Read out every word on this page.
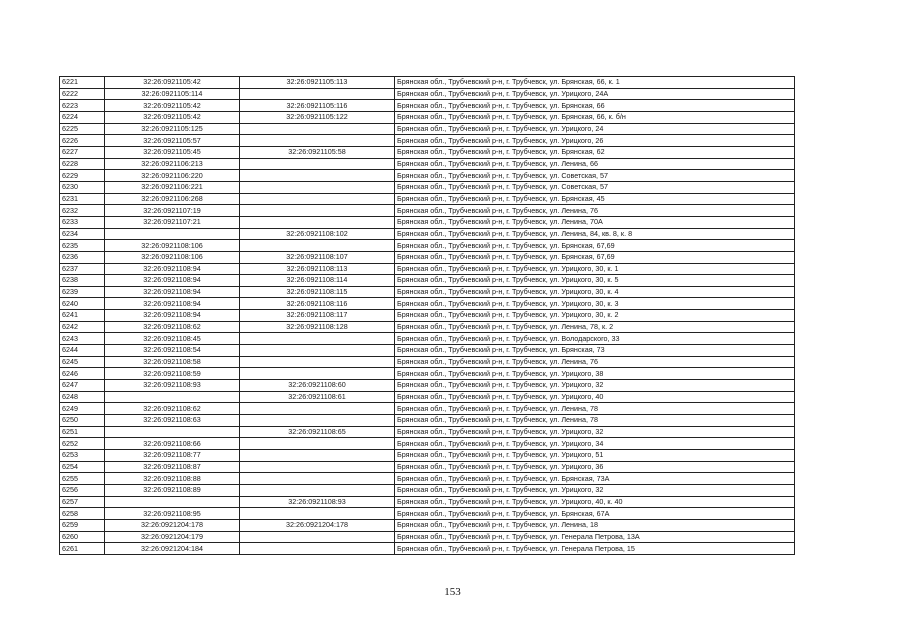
6221	32:26:0921105:42	32:26:0921105:113	Брянская обл., Трубчевский р-н, г. Трубчевск, ул. Брянская, 66, к. 1
6222	32:26:0921105:114		Брянская обл., Трубчевский р-н, г. Трубчевск, ул. Урицкого, 24А
6223	32:26:0921105:42	32:26:0921105:116	Брянская обл., Трубчевский р-н, г. Трубчевск, ул. Брянская, 66
6224	32:26:0921105:42	32:26:0921105:122	Брянская обл., Трубчевский р-н, г. Трубчевск, ул. Брянская, 66, к. б/н
6225	32:26:0921105:125		Брянская обл., Трубчевский р-н, г. Трубчевск, ул. Урицкого, 24
6226	32:26:0921105:57		Брянская обл., Трубчевский р-н, г. Трубчевск, ул. Урицкого, 26
6227	32:26:0921105:45	32:26:0921105:58	Брянская обл., Трубчевский р-н, г. Трубчевск, ул. Брянская, 62
6228	32:26:0921106:213		Брянская обл., Трубчевский р-н, г. Трубчевск, ул. Ленина, 66
6229	32:26:0921106:220		Брянская обл., Трубчевский р-н, г. Трубчевск, ул. Советская, 57
6230	32:26:0921106:221		Брянская обл., Трубчевский р-н, г. Трубчевск, ул. Советская, 57
6231	32:26:0921106:268		Брянская обл., Трубчевский р-н, г. Трубчевск, ул. Брянская, 45
6232	32:26:0921107:19		Брянская обл., Трубчевский р-н, г. Трубчевск, ул. Ленина, 76
6233	32:26:0921107:21		Брянская обл., Трубчевский р-н, г. Трубчевск, ул. Ленина, 70А
6234		32:26:0921108:102	Брянская обл., Трубчевский р-н, г. Трубчевск, ул. Ленина, 84, кв. 8, к. 8
6235	32:26:0921108:106		Брянская обл., Трубчевский р-н, г. Трубчевск, ул. Брянская, 67,69
6236	32:26:0921108:106	32:26:0921108:107	Брянская обл., Трубчевский р-н, г. Трубчевск, ул. Брянская, 67,69
6237	32:26:0921108:94	32:26:0921108:113	Брянская обл., Трубчевский р-н, г. Трубчевск, ул. Урицкого, 30, к. 1
6238	32:26:0921108:94	32:26:0921108:114	Брянская обл., Трубчевский р-н, г. Трубчевск, ул. Урицкого, 30, к. 5
6239	32:26:0921108:94	32:26:0921108:115	Брянская обл., Трубчевский р-н, г. Трубчевск, ул. Урицкого, 30, к. 4
6240	32:26:0921108:94	32:26:0921108:116	Брянская обл., Трубчевский р-н, г. Трубчевск, ул. Урицкого, 30, к. 3
6241	32:26:0921108:94	32:26:0921108:117	Брянская обл., Трубчевский р-н, г. Трубчевск, ул. Урицкого, 30, к. 2
6242	32:26:0921108:62	32:26:0921108:128	Брянская обл., Трубчевский р-н, г. Трубчевск, ул. Ленина, 78, к. 2
6243	32:26:0921108:45		Брянская обл., Трубчевский р-н, г. Трубчевск, ул. Володарского, 33
6244	32:26:0921108:54		Брянская обл., Трубчевский р-н, г. Трубчевск, ул. Брянская, 73
6245	32:26:0921108:58		Брянская обл., Трубчевский р-н, г. Трубчевск, ул. Ленина, 76
6246	32:26:0921108:59		Брянская обл., Трубчевский р-н, г. Трубчевск, ул. Урицкого, 38
6247	32:26:0921108:93	32:26:0921108:60	Брянская обл., Трубчевский р-н, г. Трубчевск, ул. Урицкого, 32
6248		32:26:0921108:61	Брянская обл., Трубчевский р-н, г. Трубчевск, ул. Урицкого, 40
6249	32:26:0921108:62		Брянская обл., Трубчевский р-н, г. Трубчевск, ул. Ленина, 78
6250	32:26:0921108:63		Брянская обл., Трубчевский р-н, г. Трубчевск, ул. Ленина, 78
6251		32:26:0921108:65	Брянская обл., Трубчевский р-н, г. Трубчевск, ул. Урицкого, 32
6252	32:26:0921108:66		Брянская обл., Трубчевский р-н, г. Трубчевск, ул. Урицкого, 34
6253	32:26:0921108:77		Брянская обл., Трубчевский р-н, г. Трубчевск, ул. Урицкого, 51
6254	32:26:0921108:87		Брянская обл., Трубчевский р-н, г. Трубчевск, ул. Урицкого, 36
6255	32:26:0921108:88		Брянская обл., Трубчевский р-н, г. Трубчевск, ул. Брянская, 73А
6256	32:26:0921108:89		Брянская обл., Трубчевский р-н, г. Трубчевск, ул. Урицкого, 32
6257		32:26:0921108:93	Брянская обл., Трубчевский р-н, г. Трубчевск, ул. Урицкого, 40, к. 40
6258	32:26:0921108:95		Брянская обл., Трубчевский р-н, г. Трубчевск, ул. Брянская, 67А
6259	32:26:0921204:178	32:26:0921204:178	Брянская обл., Трубчевский р-н, г. Трубчевск, ул. Ленина, 18
6260	32:26:0921204:179		Брянская обл., Трубчевский р-н, г. Трубчевск, ул. Генерала Петрова, 13А
6261	32:26:0921204:184		Брянская обл., Трубчевский р-н, г. Трубчевск, ул. Генерала Петрова, 15
153
